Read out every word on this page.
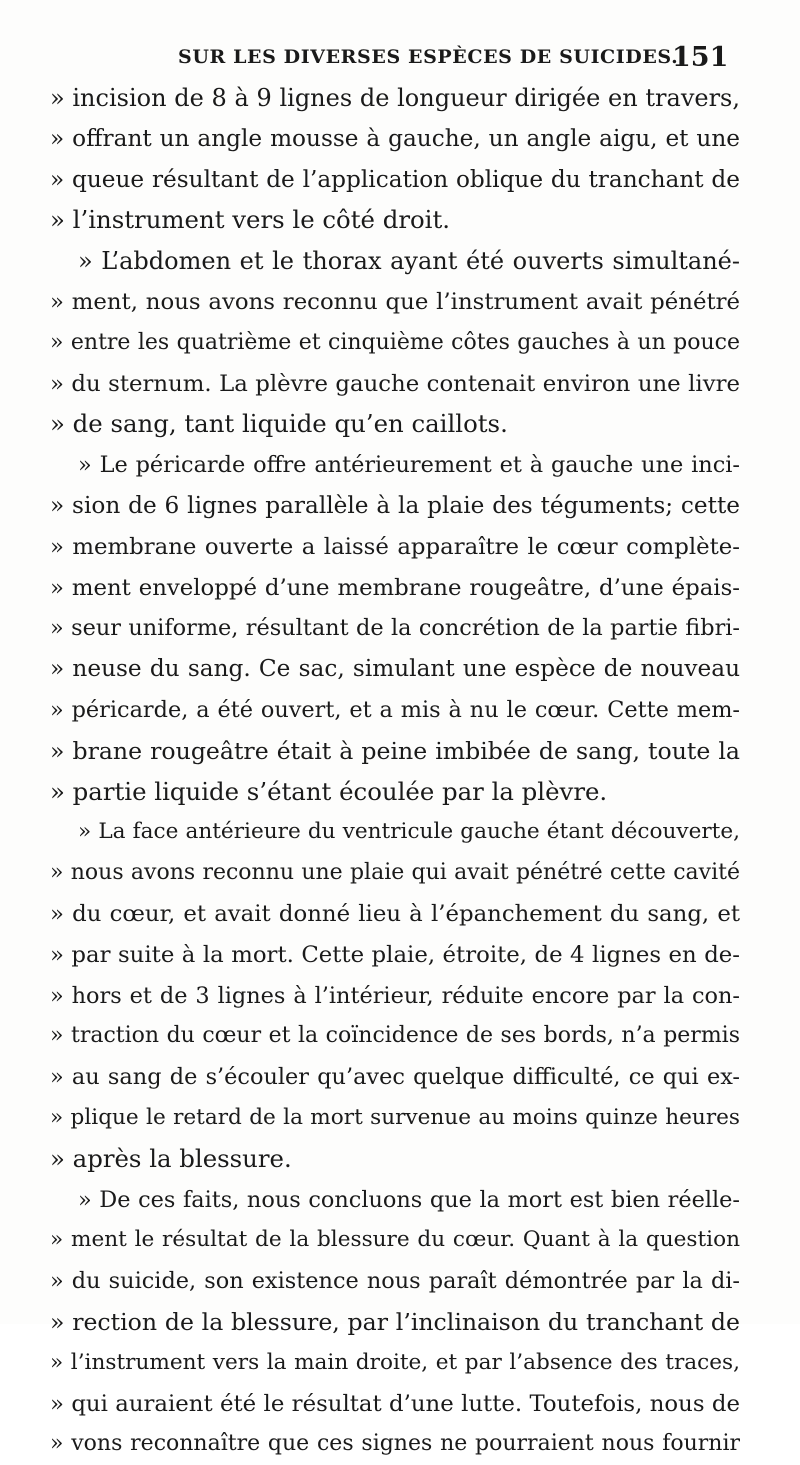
SUR LES DIVERSES ESPÈCES DE SUICIDES.
151
» incision de 8 à 9 lignes de longueur dirigée en travers,
» offrant un angle mousse à gauche, un angle aigu, et une
» queue résultant de l’application oblique du tranchant de
» l’instrument vers le côté droit.
» L’abdomen et le thorax ayant été ouverts simultané-
» ment, nous avons reconnu que l’instrument avait pénétré
» entre les quatrième et cinquième côtes gauches à un pouce
» du sternum. La plèvre gauche contenait environ une livre
» de sang, tant liquide qu’en caillots.
» Le péricarde offre antérieurement et à gauche une inci-
» sion de 6 lignes parallèle à la plaie des téguments; cette
» membrane ouverte a laissé apparaître le cœur complète-
» ment enveloppé d’une membrane rougeâtre, d’une épais-
» seur uniforme, résultant de la concrétion de la partie fibri-
» neuse du sang. Ce sac, simulant une espèce de nouveau
» péricarde, a été ouvert, et a mis à nu le cœur. Cette mem-
» brane rougeâtre était à peine imbibée de sang, toute la
» partie liquide s’étant écoulée par la plèvre.
» La face antérieure du ventricule gauche étant découverte,
» nous avons reconnu une plaie qui avait pénétré cette cavité
» du cœur, et avait donné lieu à l’épanchement du sang, et
» par suite à la mort. Cette plaie, étroite, de 4 lignes en de-
» hors et de 3 lignes à l’intérieur, réduite encore par la con-
» traction du cœur et la coïncidence de ses bords, n’a permis
» au sang de s’écouler qu’avec quelque difficulté, ce qui ex-
» plique le retard de la mort survenue au moins quinze heures
» après la blessure.
» De ces faits, nous concluons que la mort est bien réelle-
» ment le résultat de la blessure du cœur. Quant à la question
» du suicide, son existence nous paraît démontrée par la di-
» rection de la blessure, par l’inclinaison du tranchant de
» l’instrument vers la main droite, et par l’absence des traces,
» qui auraient été le résultat d’une lutte. Toutefois, nous de
» vons reconnaître que ces signes ne pourraient nous fournir
